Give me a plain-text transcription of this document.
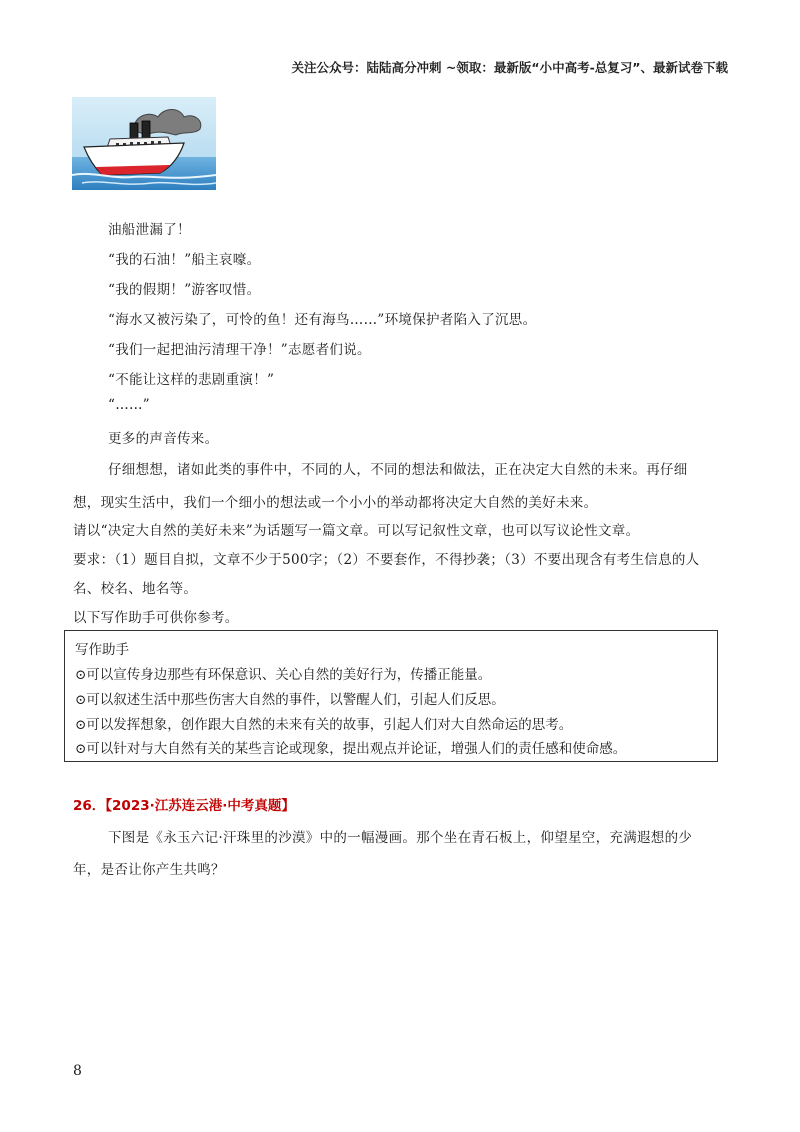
关注公众号：陆陆高分冲刺 ~领取：最新版“小中高考-总复习”、最新试卷下载
油船泄漏了！
“我的石油！”船主哀嚎。
“我的假期！”游客叹惜。
“海水又被污染了，可怜的鱼！还有海鸟……”环境保护者陷入了沉思。
“我们一起把油污清理干净！”志愿者们说。
“不能让这样的悲剧重演！”
“……”
更多的声音传来。
仔细想想，诸如此类的事件中，不同的人，不同的想法和做法，正在决定大自然的未来。再仔细
想，现实生活中，我们一个细小的想法或一个小小的举动都将决定大自然的美好未来。
请以“决定大自然的美好未来”为话题写一篇文章。可以写记叙性文章，也可以写议论性文章。
要求：（1）题目自拟，文章不少于500字；（2）不要套作，不得抄袭；（3）不要出现含有考生信息的人
名、校名、地名等。
以下写作助手可供你参考。
写作助手
⊙可以宣传身边那些有环保意识、关心自然的美好行为，传播正能量。
⊙可以叙述生活中那些伤害大自然的事件，以警醒人们，引起人们反思。
⊙可以发挥想象，创作跟大自然的未来有关的故事，引起人们对大自然命运的思考。
⊙可以针对与大自然有关的某些言论或现象，提出观点并论证，增强人们的责任感和使命感。
26．【2023·江苏连云港·中考真题】
下图是《永玉六记·汗珠里的沙漠》中的一幅漫画。那个坐在青石板上，仰望星空，充满遐想的少
年，是否让你产生共鸣？
8
